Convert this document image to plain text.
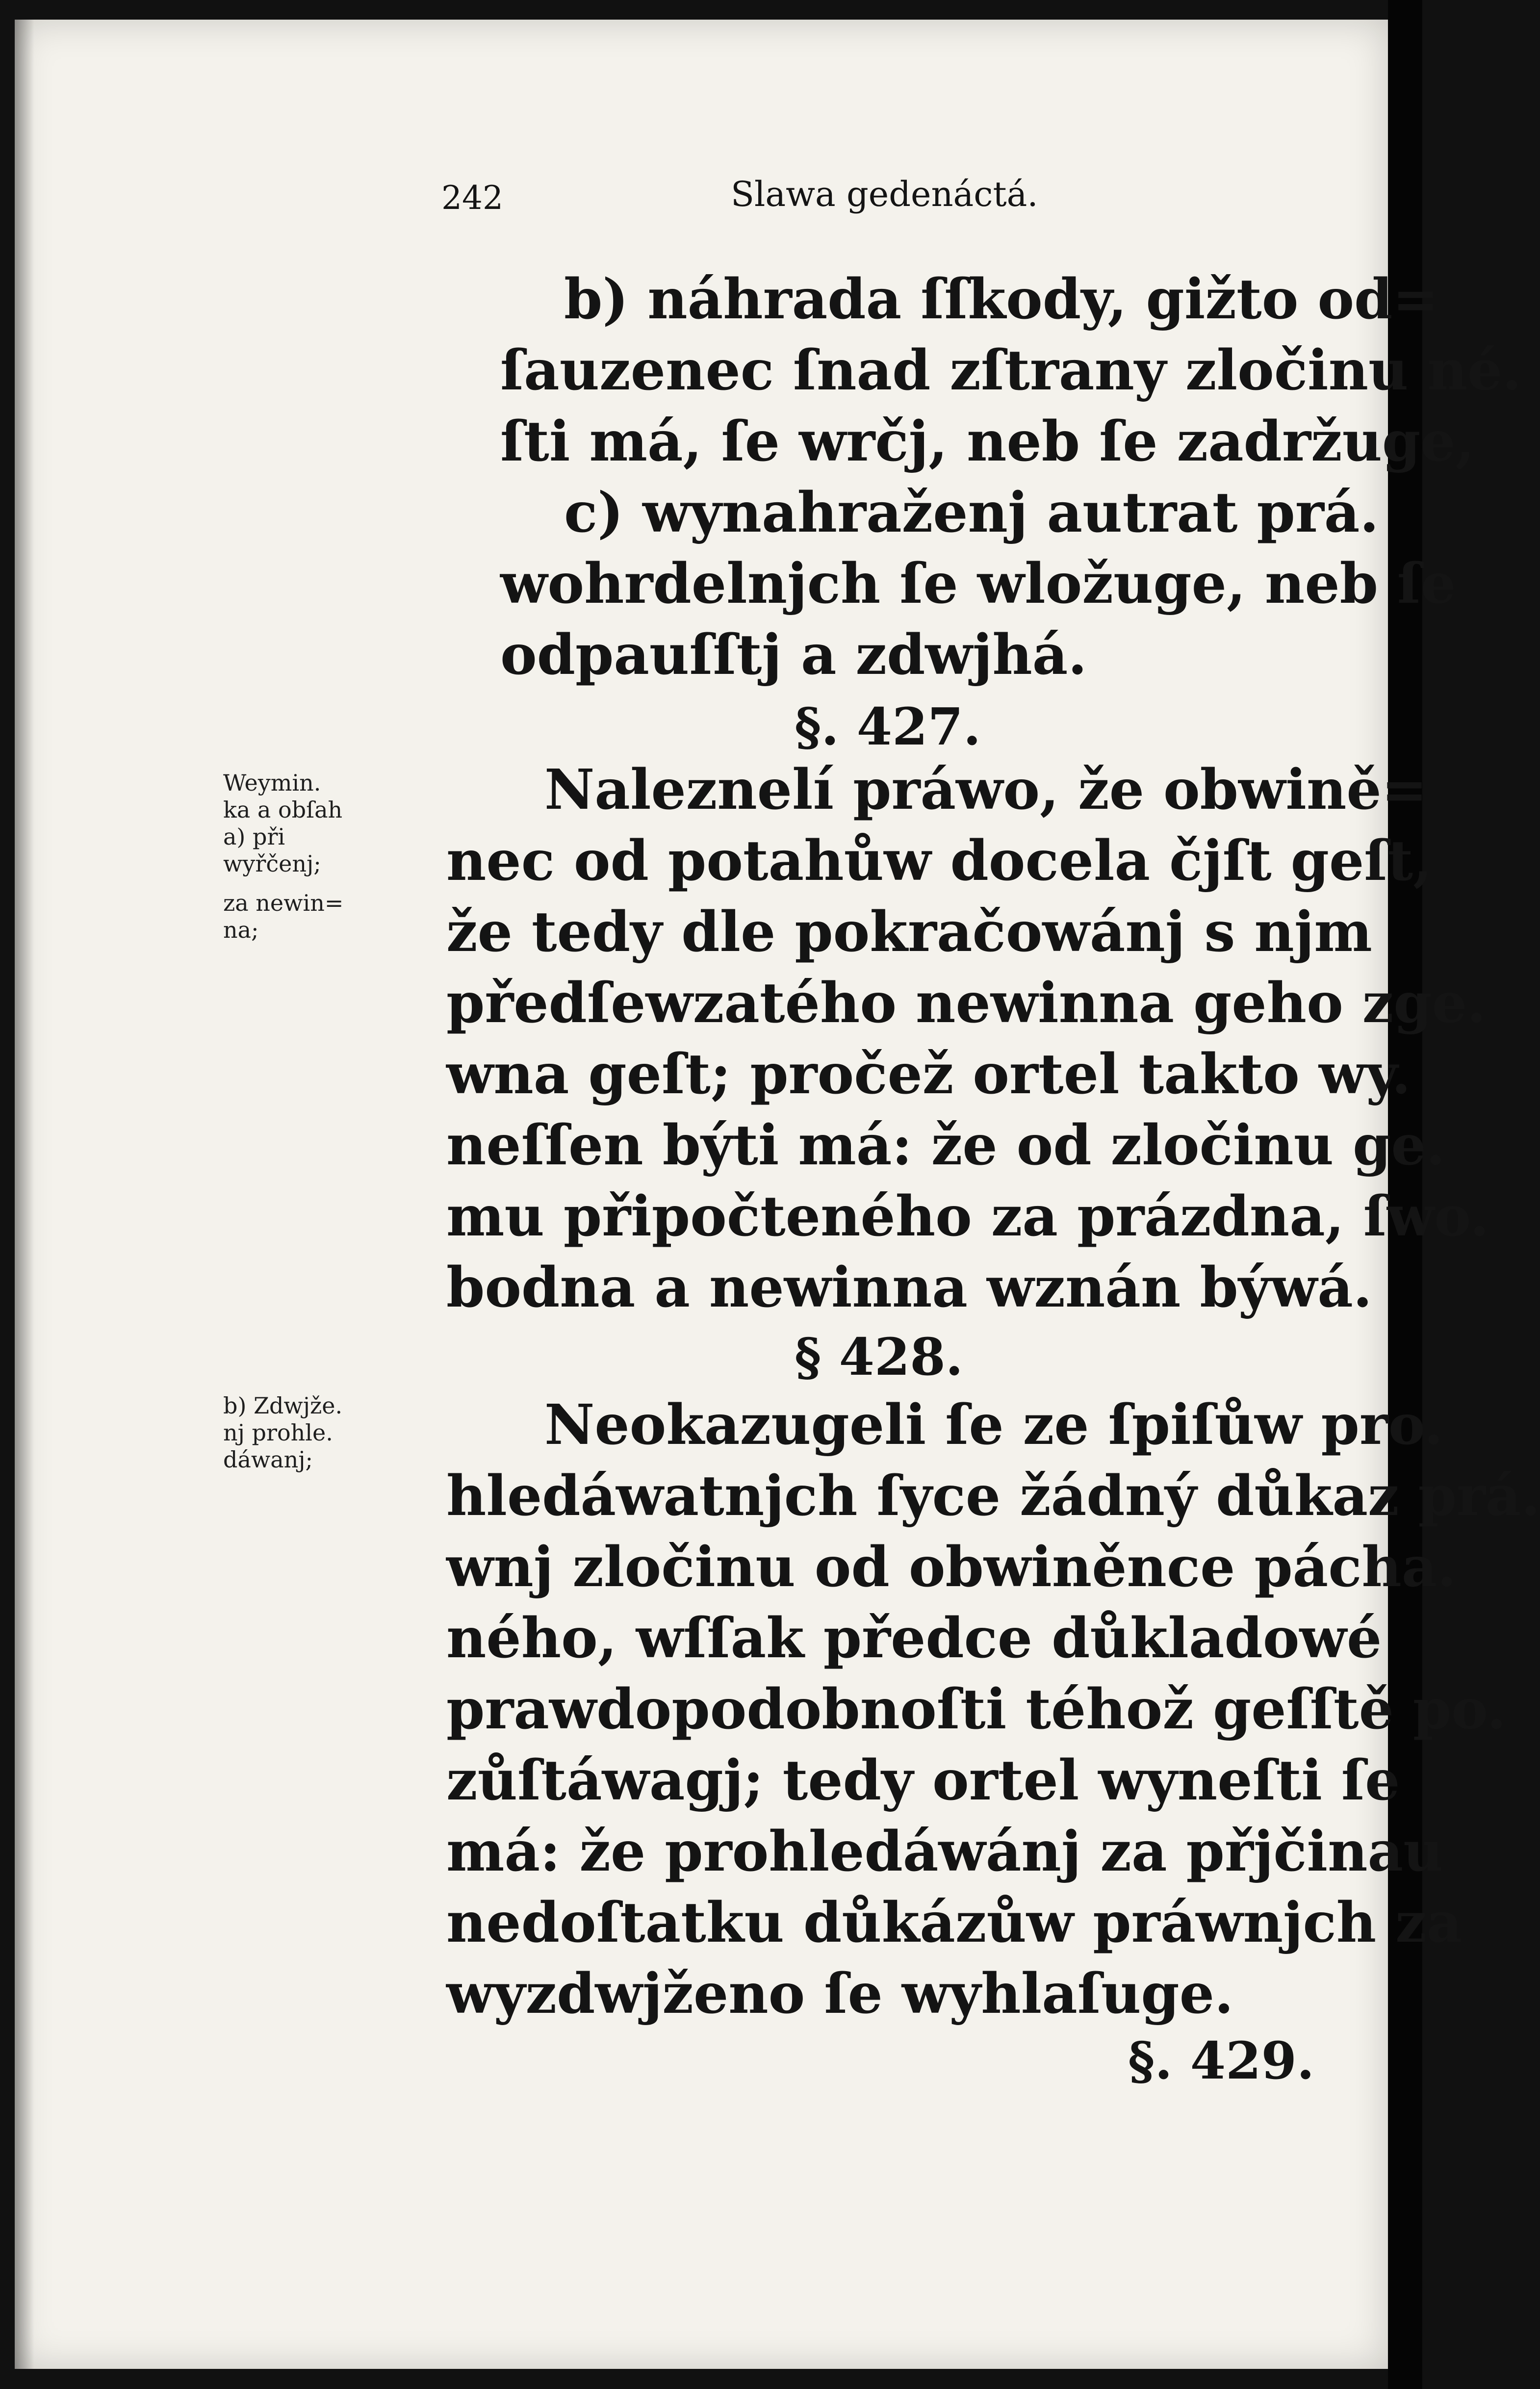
242	Slawa gedenáctá.

b) náhrada ſſkody, gižto od=
ſauzenec ſnad zſtrany zločinu né.
ſti má, ſe wrčj, neb ſe zadržuge,
c) wynahraženj autrat prá.
wohrdelnjch ſe wložuge, neb ſe
odpauſſtj a zdwjhá.
§. 427.
Weymin.
ka a obſah
a) při
wyřčenj;
za newin=
na;
Naleznelí práwo, že obwině=
nec od potahůw docela čjſt geſt,
že tedy dle pokračowánj s njm
předſewzatého newinna geho zge.
wna geſt; pročež ortel takto wy.
neſſen býti má: že od zločinu ge.
mu připočteného za prázdna, ſwo.
bodna a newinna wznán býwá.
§ 428.
b) Zdwjže.
nj prohle.
dáwanj;
Neokazugeli ſe ze ſpiſůw pro.
hledáwatnjch ſyce žádný důkaz prá.
wnj zločinu od obwiněnce pácha.
ného, wſſak předce důkladowé
prawdopodobnoſti téhož geſſtě po.
zůſtáwagj; tedy ortel wyneſti ſe
má: že prohledáwánj za přjčinau
nedoſtatku důkázůw práwnjch za
wyzdwjženo ſe wyhlaſuge.
§. 429.
